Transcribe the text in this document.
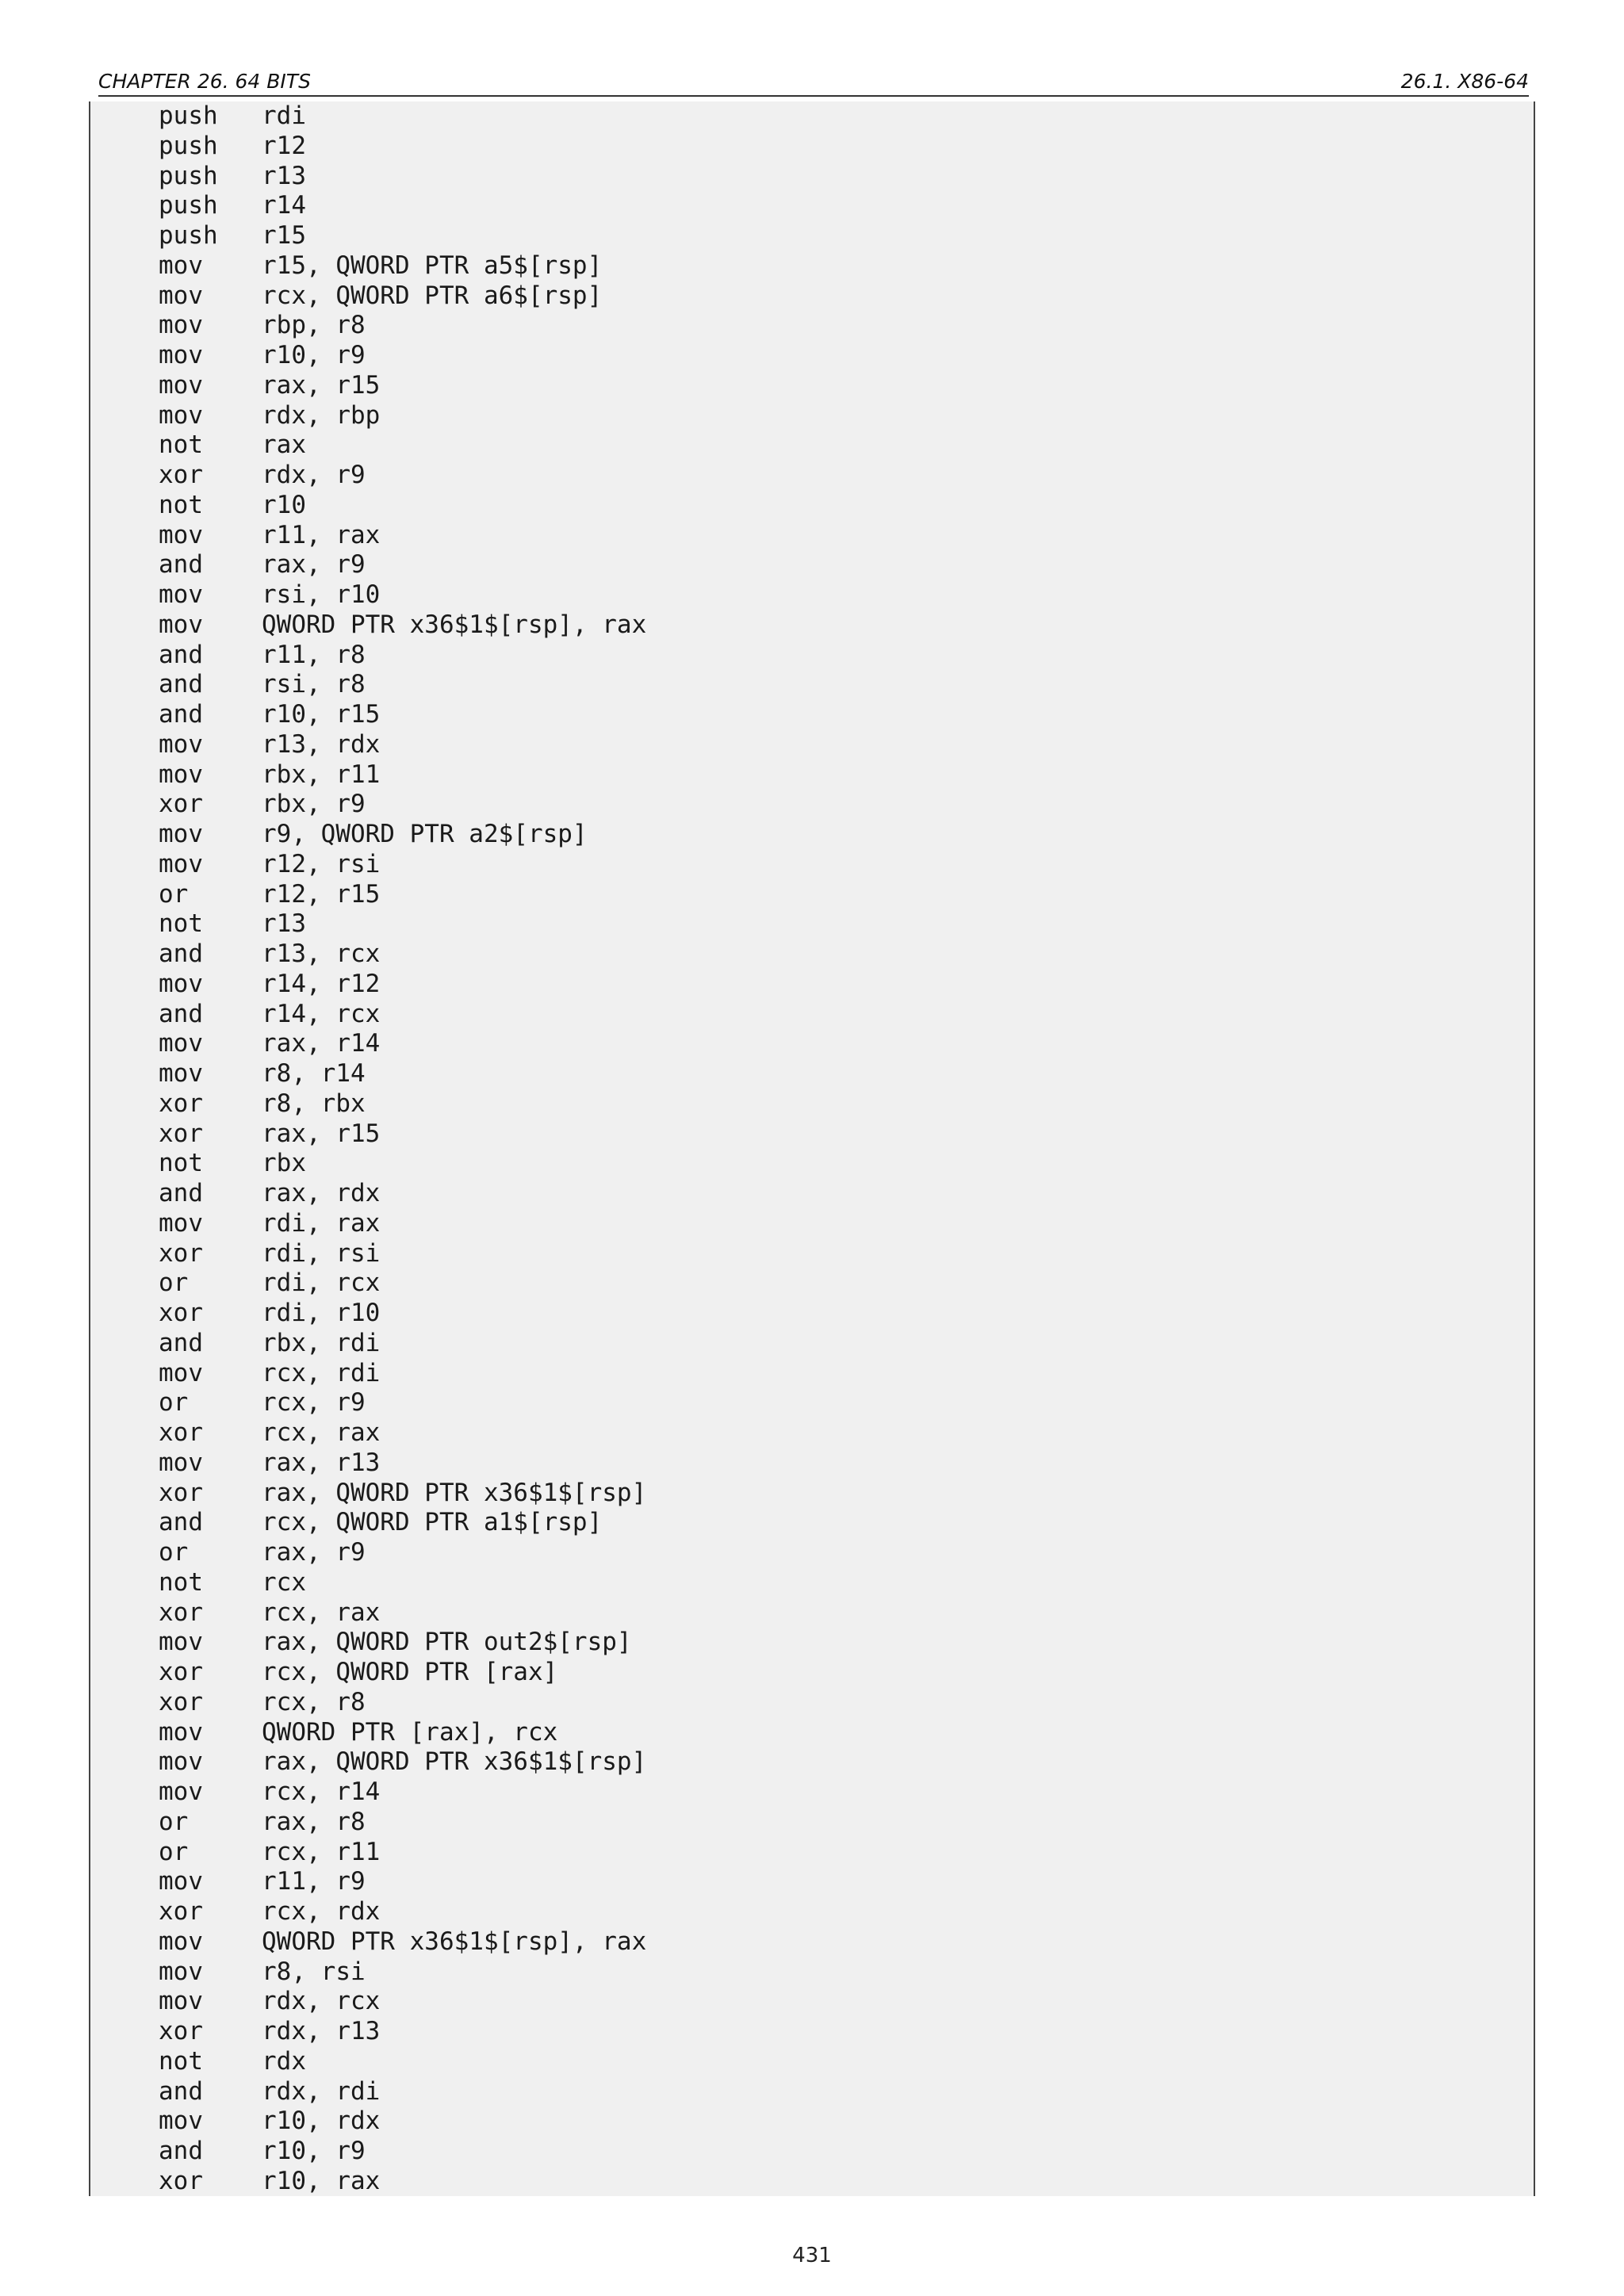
CHAPTER 26. 64 BITS	26.1. X86-64
push rdi
push r12
push r13
push r14
push r15
mov r15, QWORD PTR a5$[rsp]
mov rcx, QWORD PTR a6$[rsp]
mov rbp, r8
mov r10, r9
mov rax, r15
mov rdx, rbp
not rax
xor rdx, r9
not r10
mov r11, rax
and rax, r9
mov rsi, r10
mov QWORD PTR x36$1$[rsp], rax
and r11, r8
and rsi, r8
and r10, r15
mov r13, rdx
mov rbx, r11
xor rbx, r9
mov r9, QWORD PTR a2$[rsp]
mov r12, rsi
or	r12, r15
not r13
and r13, rcx
mov r14, r12
and r14, rcx
mov rax, r14
mov r8, r14
xor r8, rbx
xor rax, r15
not rbx
and rax, rdx
mov rdi, rax
xor rdi, rsi
or	rdi, rcx
xor rdi, r10
and rbx, rdi
mov rcx, rdi
or	rcx, r9
xor rcx, rax
mov rax, r13
xor rax, QWORD PTR x36$1$[rsp]
and rcx, QWORD PTR a1$[rsp]
or	rax, r9
not rcx
xor rcx, rax
mov rax, QWORD PTR out2$[rsp]
xor rcx, QWORD PTR [rax]
xor rcx, r8
mov QWORD PTR [rax], rcx
mov rax, QWORD PTR x36$1$[rsp]
mov rcx, r14
or	rax, r8
or	rcx, r11
mov r11, r9
xor rcx, rdx
mov QWORD PTR x36$1$[rsp], rax
mov r8, rsi
mov rdx, rcx
xor rdx, r13
not rdx
and rdx, rdi
mov r10, rdx
and r10, r9
xor r10, rax
431
